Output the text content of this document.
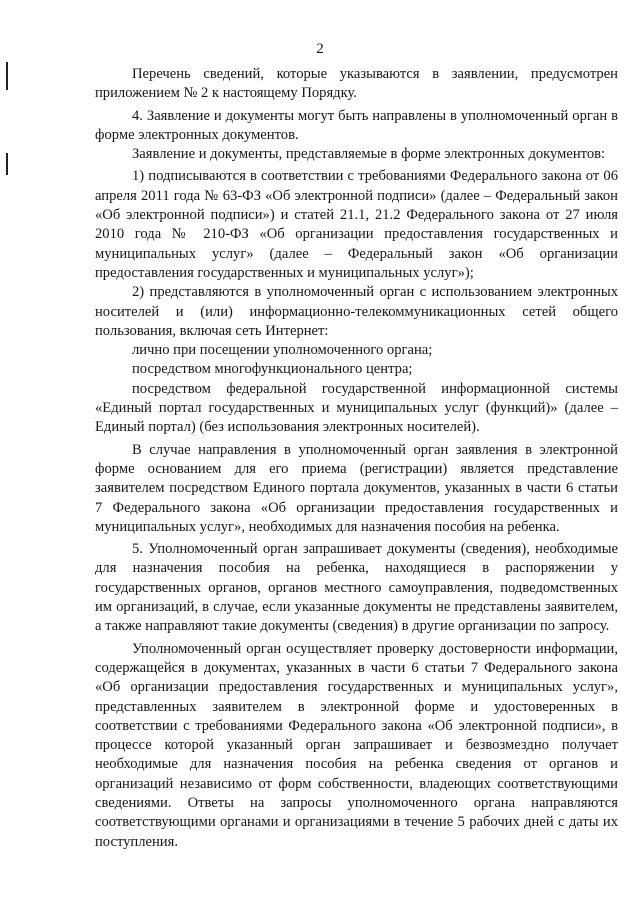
2

Перечень сведений, которые указываются в заявлении, предусмотрен приложением № 2 к настоящему Порядку.

4. Заявление и документы могут быть направлены в уполномоченный орган в форме электронных документов.

Заявление и документы, представляемые в форме электронных документов:

1) подписываются в соответствии с требованиями Федерального закона от 06 апреля 2011 года № 63-ФЗ «Об электронной подписи» (далее – Федеральный закон «Об электронной подписи») и статей 21.1, 21.2 Федерального закона от 27 июля 2010 года № 210-ФЗ «Об организации предоставления государственных и муниципальных услуг» (далее – Федеральный закон «Об организации предоставления государственных и муниципальных услуг»);

2) представляются в уполномоченный орган с использованием электронных носителей и (или) информационно-телекоммуникационных сетей общего пользования, включая сеть Интернет:

лично при посещении уполномоченного органа;

посредством многофункционального центра;

посредством федеральной государственной информационной системы «Единый портал государственных и муниципальных услуг (функций)» (далее – Единый портал) (без использования электронных носителей).

В случае направления в уполномоченный орган заявления в электронной форме основанием для его приема (регистрации) является представление заявителем посредством Единого портала документов, указанных в части 6 статьи 7 Федерального закона «Об организации предоставления государственных и муниципальных услуг», необходимых для назначения пособия на ребенка.

5. Уполномоченный орган запрашивает документы (сведения), необходимые для назначения пособия на ребенка, находящиеся в распоряжении у государственных органов, органов местного самоуправления, подведомственных им организаций, в случае, если указанные документы не представлены заявителем, а также направляют такие документы (сведения) в другие организации по запросу.

Уполномоченный орган осуществляет проверку достоверности информации, содержащейся в документах, указанных в части 6 статьи 7 Федерального закона «Об организации предоставления государственных и муниципальных услуг», представленных заявителем в электронной форме и удостоверенных в соответствии с требованиями Федерального закона «Об электронной подписи», в процессе которой указанный орган запрашивает и безвозмездно получает необходимые для назначения пособия на ребенка сведения от органов и организаций независимо от форм собственности, владеющих соответствующими сведениями. Ответы на запросы уполномоченного органа направляются соответствующими органами и организациями в течение 5 рабочих дней с даты их поступления.
